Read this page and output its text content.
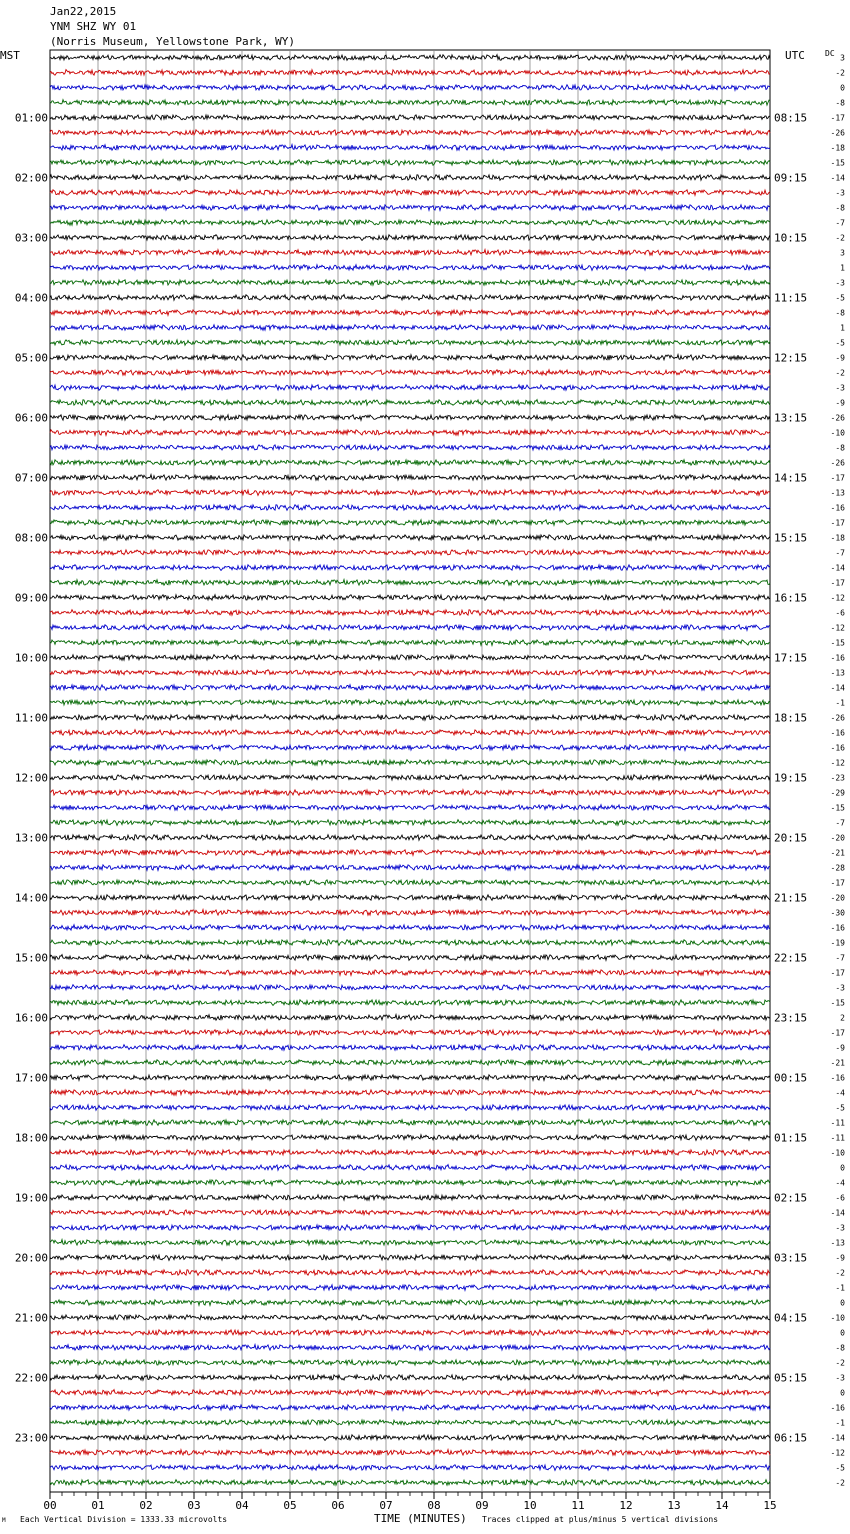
Jan22,2015
YNM SHZ WY 01
(Norris Museum, Yellowstone Park, WY)
MST	UTC	DC 3
-2
0
-8
-17
-26
-18
-15
-14
-3
-8
-7
-2
3
1
-3
-5
-8
1
-5
-9
-2
-3
-9
-26
-10
-8
-26
-17
-13
-16
-17
-18
-7
-14
-17
-12
-6
-12
-15
-16
-13
-14
-1
-26
-16
-16
-12
-23
-29
-15
-7
-20
-21
-28
-17
-20
-30
-16
-19
-7
-17
-3
-15
2
-17
-9
-21
-16
-4
-5
-11
-11
-10
0
-4
-6
-14
-3
-13
-9
-2
-1
0
-10
0
-8
-2
-3
0
-16
-1
-14
-12
-5
-2
01:00	08:15
02:00	09:15
03:00	10:15
04:00	11:15
05:00	12:15
06:00	13:15
07:00	14:15
08:00	15:15
09:00	16:15
10:00	17:15
11:00	18:15
12:00	19:15
13:00	20:15
14:00	21:15
15:00	22:15
16:00	23:15
17:00	00:15
18:00	01:15
19:00	02:15
20:00	03:15
21:00	04:15
22:00	05:15
23:00	06:15
00	01	02	03	04	05	06	07	08	09	10	11	12	13	14	15
TIME (MINUTES)
Each Vertical Division = 1333.33 microvolts	Traces clipped at plus/minus 5 vertical divisions
M
